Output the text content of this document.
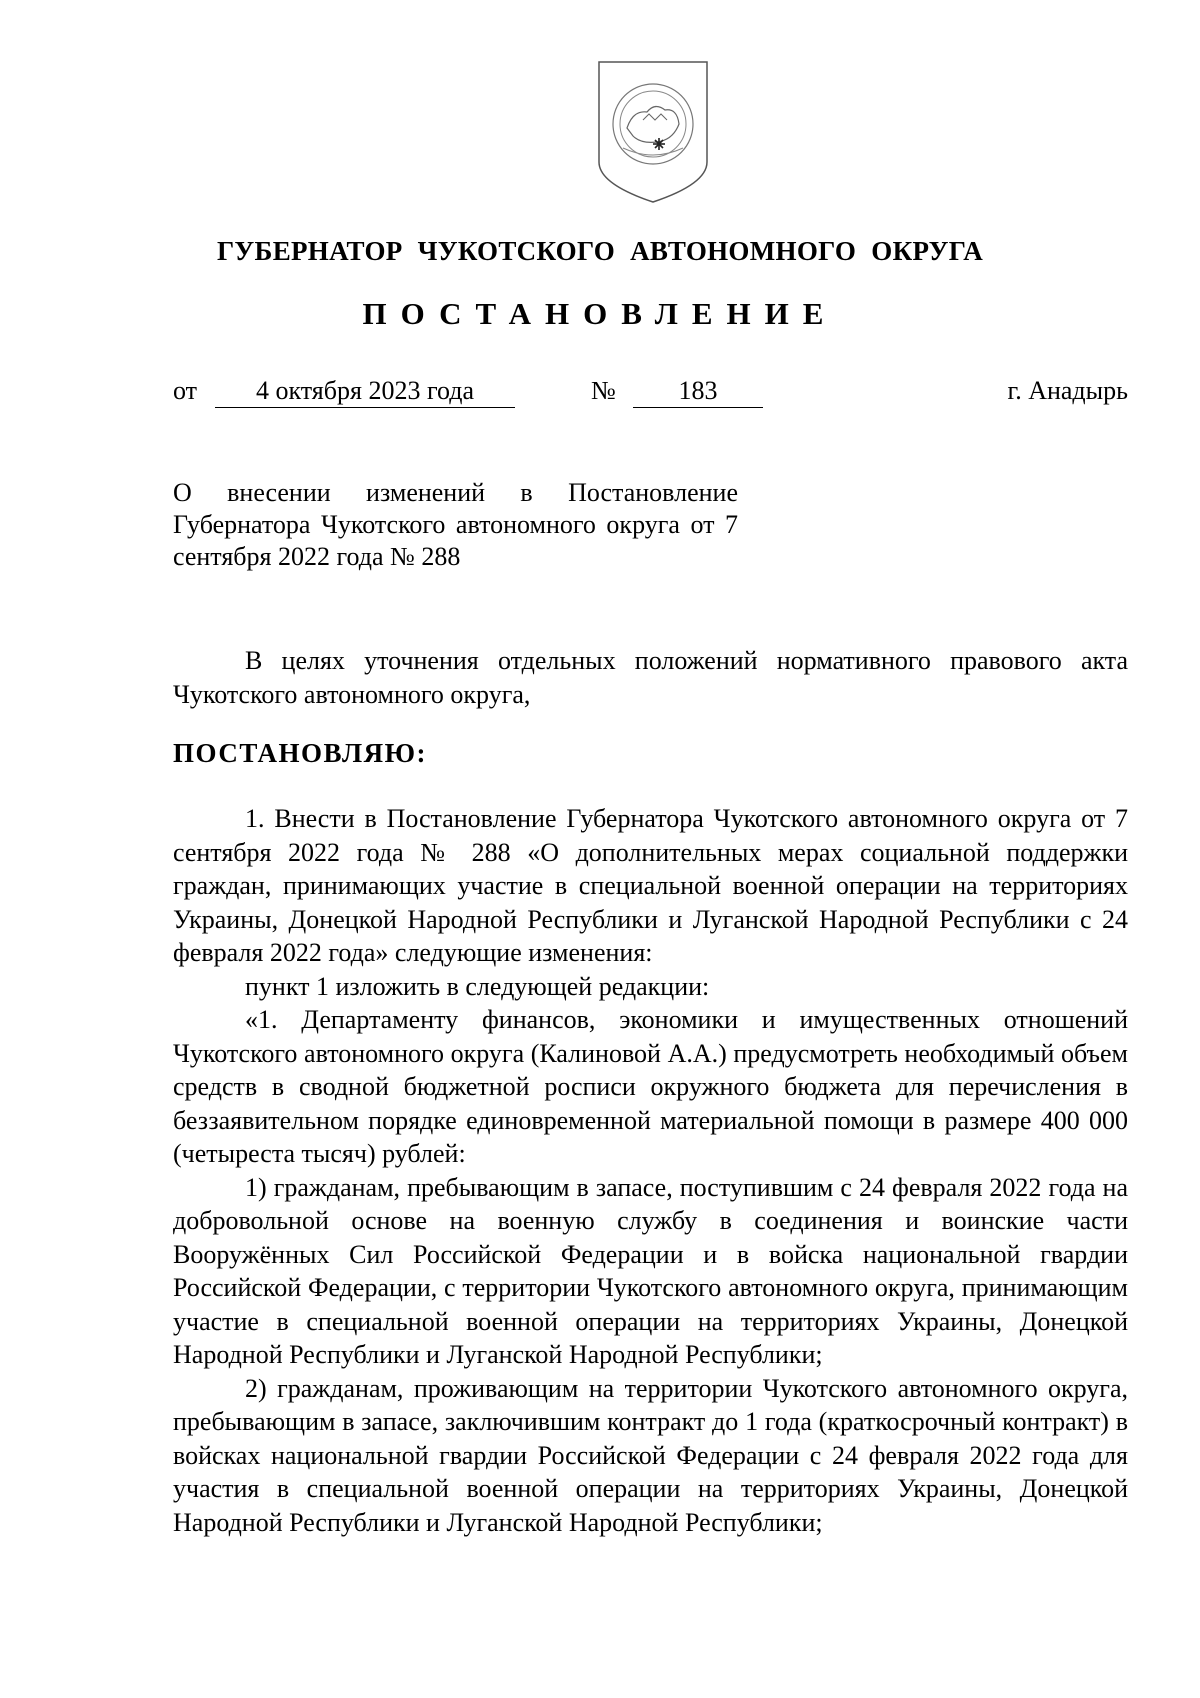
ГУБЕРНАТОР ЧУКОТСКОГО АВТОНОМНОГО ОКРУГА
ПОСТАНОВЛЕНИЕ
от	4 октября 2023 года	№	183	г. Анадырь
О внесении изменений в Постановление Губернатора Чукотского автономного округа от 7 сентября 2022 года № 288

В целях уточнения отдельных положений нормативного правового акта Чукотского автономного округа,

ПОСТАНОВЛЯЮ:

1. Внести в Постановление Губернатора Чукотского автономного округа от 7 сентября 2022 года № 288 «О дополнительных мерах социальной поддержки граждан, принимающих участие в специальной военной операции на территориях Украины, Донецкой Народной Республики и Луганской Народной Республики с 24 февраля 2022 года» следующие изменения:

пункт 1 изложить в следующей редакции:

«1. Департаменту финансов, экономики и имущественных отношений Чукотского автономного округа (Калиновой А.А.) предусмотреть необходимый объем средств в сводной бюджетной росписи окружного бюджета для перечисления в беззаявительном порядке единовременной материальной помощи в размере 400 000 (четыреста тысяч) рублей:

1) гражданам, пребывающим в запасе, поступившим с 24 февраля 2022 года на добровольной основе на военную службу в соединения и воинские части Вооружённых Сил Российской Федерации и в войска национальной гвардии Российской Федерации, с территории Чукотского автономного округа, принимающим участие в специальной военной операции на территориях Украины, Донецкой Народной Республики и Луганской Народной Республики;

2) гражданам, проживающим на территории Чукотского автономного округа, пребывающим в запасе, заключившим контракт до 1 года (краткосрочный контракт) в войсках национальной гвардии Российской Федерации с 24 февраля 2022 года для участия в специальной военной операции на территориях Украины, Донецкой Народной Республики и Луганской Народной Республики;
